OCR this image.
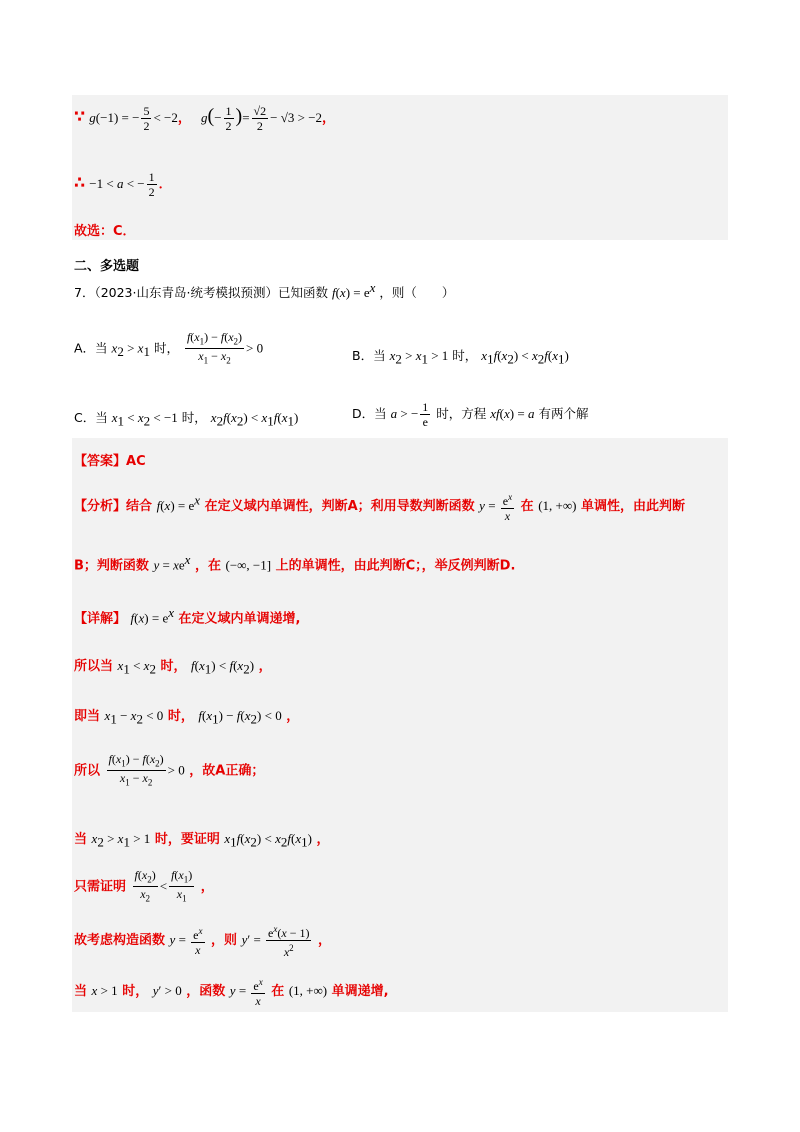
∵ g(−1) = − $\frac{5}{2} < -2$， $g(- \frac{1}{2}$ )= $\frac{√2}{2} - √3 > -2$，
∴ −1 < a < − $\frac{1}{2}$ ．
故选：C．
二、多选题
7．（2023·山东青岛·统考模拟预测）已知函数 $f(x) = e^x$ ，则（　　）
A．当 $x_2 > x_1$ 时， $\frac{f(x_1) - f(x_2)}{x_1 - x_2} > 0$
B．当 $x_2 > x_1 > 1$ 时， $x_1f(x_2) < x_2f(x_1)$
C．当 $x_1 < x_2 < -1$ 时， $x_2f(x_2) < x_1f(x_1)$	D．当 a > − $\frac{1}{e}$ 时，方程 xf(x) = a 有两个解
【答案】AC
【分析】结合 $f(x) = e^x$ 在定义域内单调性，判断A；利用导数判断函数 $y = \frac{e^x}{x}$ 在 (1, +∞) 单调性，由此判断
B；判断函数 $y = xe^x$ ，在 (−∞, −1] 上的单调性，由此判断C；，举反例判断D.
【详解】 $f(x) = e^x$ 在定义域内单调递增,
所以当 $x_1 < x_2$ 时， $f(x_1) < f(x_2)$ ，
即当 $x_1 - x_2 < 0$ 时， $f(x_1) - f(x_2) < 0$ ，
所以 $\frac{f(x_1) - f(x_2)}{x_1 - x_2} > 0$ ，故A正确；
当 $x_2 > x_1 > 1$ 时，要证明 $x_1f(x_2) < x_2f(x_1)$ ，
只需证明 $\frac{f(x_2)}{x_2} < \frac{f(x_1)}{x_1}$ ，
故考虑构造函数 $y = \frac{e^x}{x}$ ，则 $y' = \frac{e^x(x - 1)}{x^2}$ ，
当 x > 1 时， y′ > 0 ，函数 $y = \frac{e^x}{x}$ 在 (1, +∞) 单调递增,
